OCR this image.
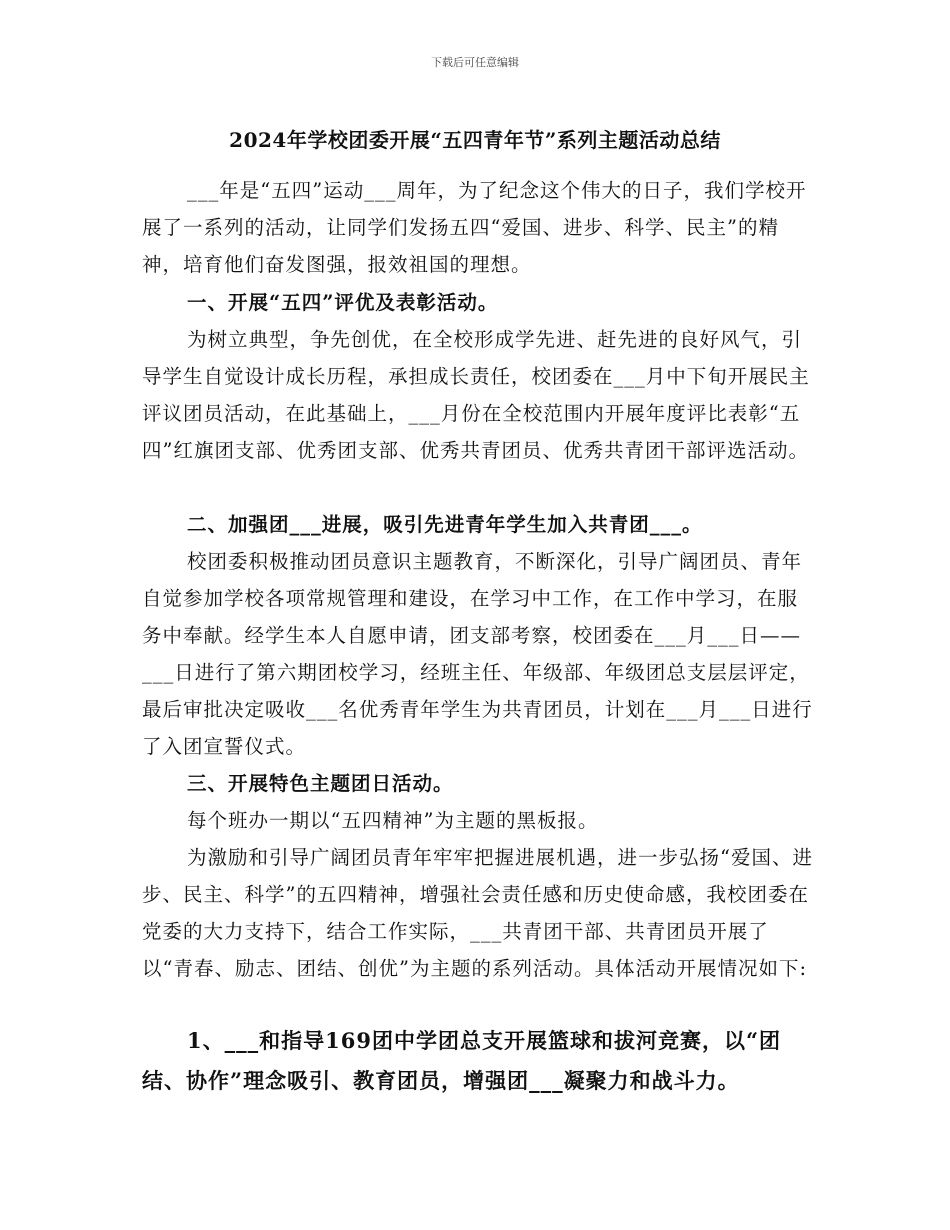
下载后可任意编辑
2024年学校团委开展“五四青年节”系列主题活动总结

___年是“五四”运动___周年，为了纪念这个伟大的日子，我们学校开展了一系列的活动，让同学们发扬五四“爱国、进步、科学、民主”的精神，培育他们奋发图强，报效祖国的理想。

一、开展“五四”评优及表彰活动。

为树立典型，争先创优，在全校形成学先进、赶先进的良好风气，引导学生自觉设计成长历程，承担成长责任，校团委在___月中下旬开展民主评议团员活动，在此基础上，___月份在全校范围内开展年度评比表彰“五四”红旗团支部、优秀团支部、优秀共青团员、优秀共青团干部评选活动。

二、加强团___进展，吸引先进青年学生加入共青团___。

校团委积极推动团员意识主题教育，不断深化，引导广阔团员、青年自觉参加学校各项常规管理和建设，在学习中工作，在工作中学习，在服务中奉献。经学生本人自愿申请，团支部考察，校团委在___月___日——___日进行了第六期团校学习，经班主任、年级部、年级团总支层层评定，最后审批决定吸收___名优秀青年学生为共青团员，计划在___月___日进行了入团宣誓仪式。

三、开展特色主题团日活动。

每个班办一期以“五四精神”为主题的黑板报。

为激励和引导广阔团员青年牢牢把握进展机遇，进一步弘扬“爱国、进步、民主、科学”的五四精神，增强社会责任感和历史使命感，我校团委在党委的大力支持下，结合工作实际，___共青团干部、共青团员开展了以“青春、励志、团结、创优”为主题的系列活动。具体活动开展情况如下:

1、___和指导169团中学团总支开展篮球和拔河竞赛，以“团结、协作”理念吸引、教育团员，增强团___凝聚力和战斗力。
